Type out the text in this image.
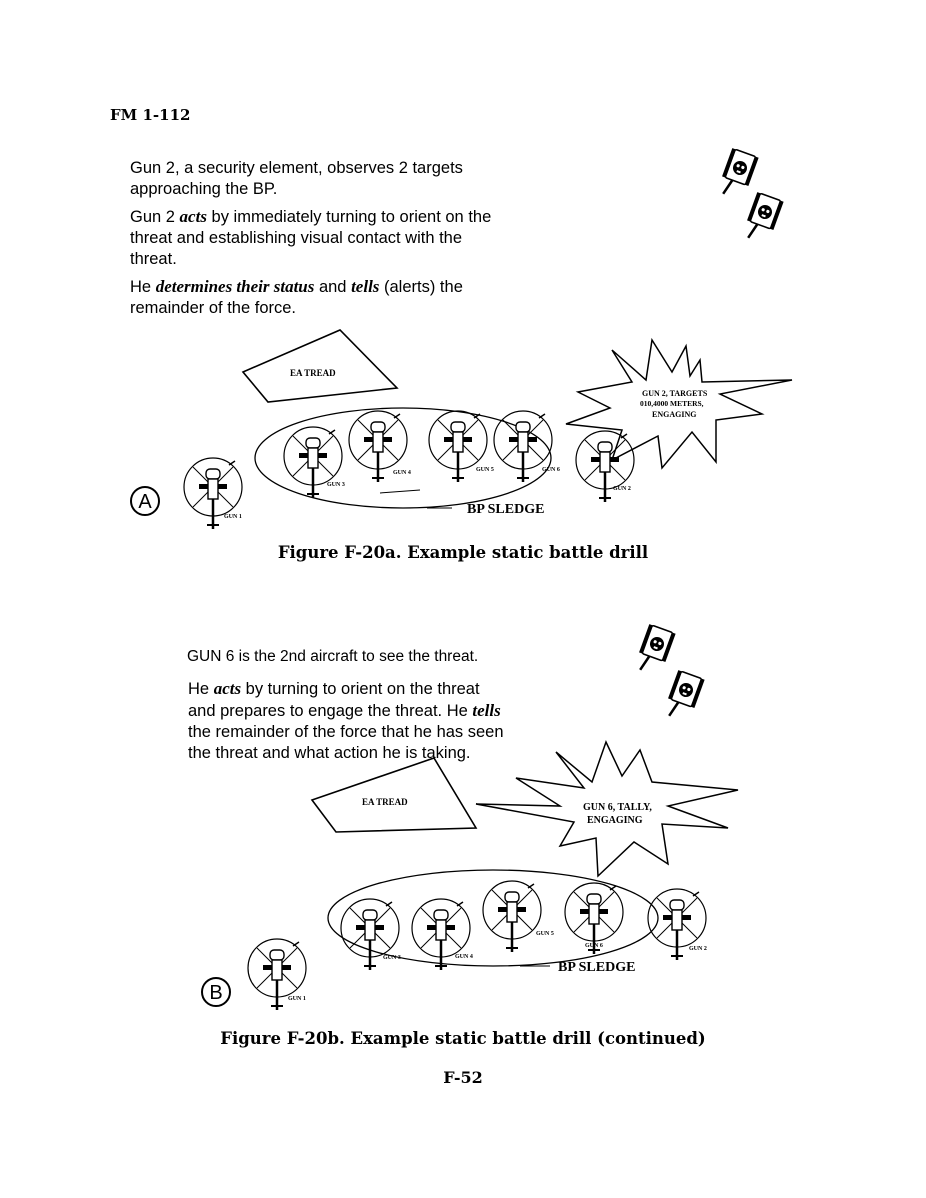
FM 1-112
Gun 2, a security element, observes 2 targets approaching the BP.
Gun 2 acts by immediately turning to orient on the threat and establishing visual contact with the threat.
He determines their status and tells (alerts) the remainder of the force.
EA TREAD
GUN 2, TARGETS
010,4000 METERS,
ENGAGING
GUN 1
GUN 3
GUN 4	GUN 5	GUN 6
GUN 2
BP SLEDGE
A
Figure F-20a. Example static battle drill
GUN 6 is the 2nd aircraft to see the threat.
He acts by turning to orient on the threat and prepares to engage the threat. He tells the remainder of the force that he has seen the threat and what action he is taking.
EA TREAD	GUN 6, TALLY,
ENGAGING
GUN 1
GUN 3	GUN 4
GUN 5
GUN 6	GUN 2
BP SLEDGE
B
Figure F-20b. Example static battle drill (continued)
F-52
